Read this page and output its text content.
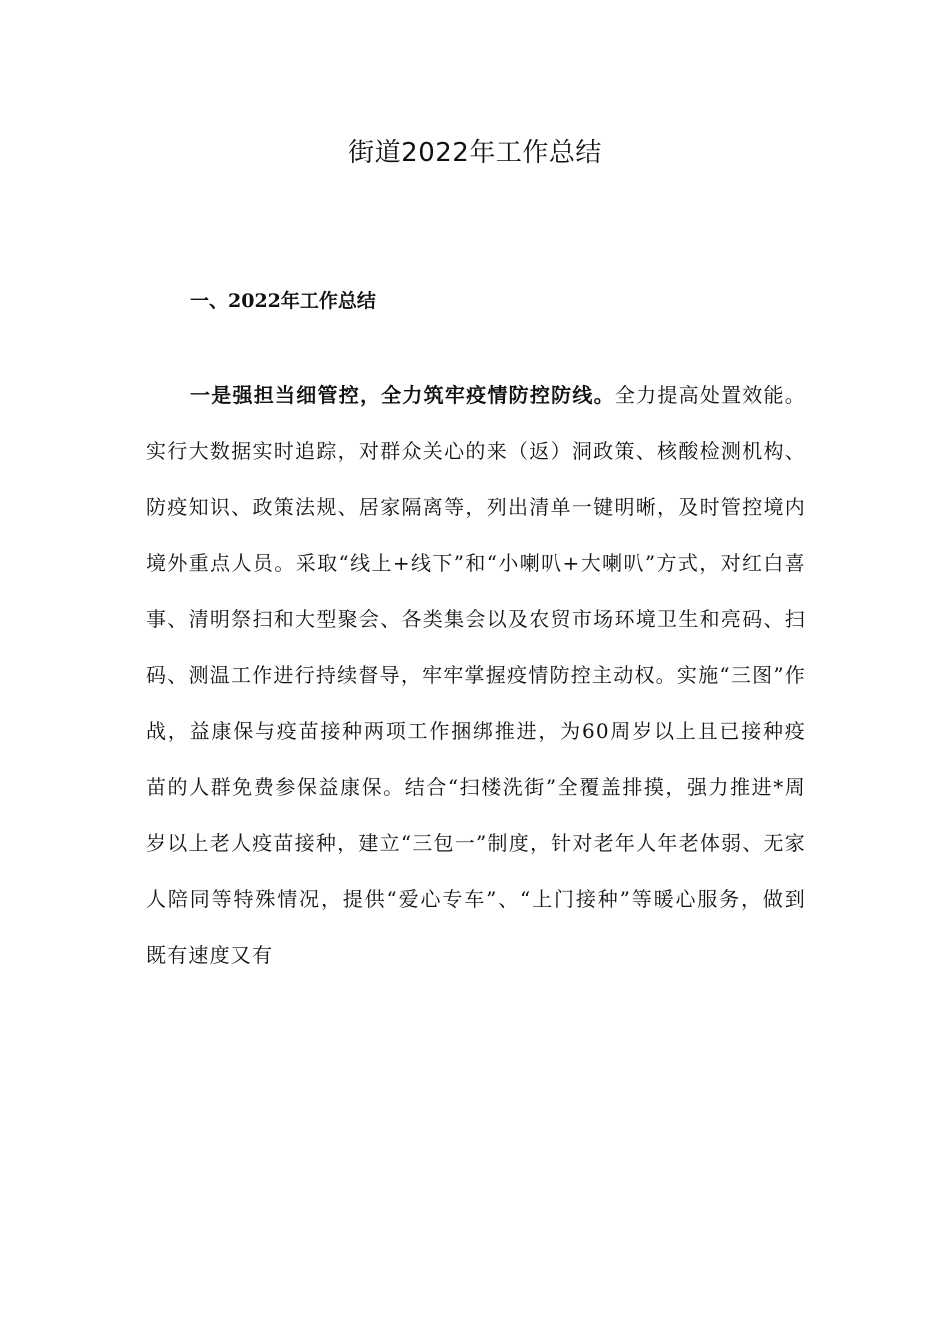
街道2022年工作总结
一、2022年工作总结

一是强担当细管控，全力筑牢疫情防控防线。全力提高处置效能。实行大数据实时追踪，对群众关心的来（返）洞政策、核酸检测机构、防疫知识、政策法规、居家隔离等，列出清单一键明晰，及时管控境内境外重点人员。采取“线上+线下”和“小喇叭+大喇叭”方式，对红白喜事、清明祭扫和大型聚会、各类集会以及农贸市场环境卫生和亮码、扫码、测温工作进行持续督导，牢牢掌握疫情防控主动权。实施“三图”作战，益康保与疫苗接种两项工作捆绑推进，为60周岁以上且已接种疫苗的人群免费参保益康保。结合“扫楼洗街”全覆盖排摸，强力推进*周岁以上老人疫苗接种，建立“三包一”制度，针对老年人年老体弱、无家人陪同等特殊情况，提供“爱心专车”、“上门接种”等暖心服务，做到既有速度又有
